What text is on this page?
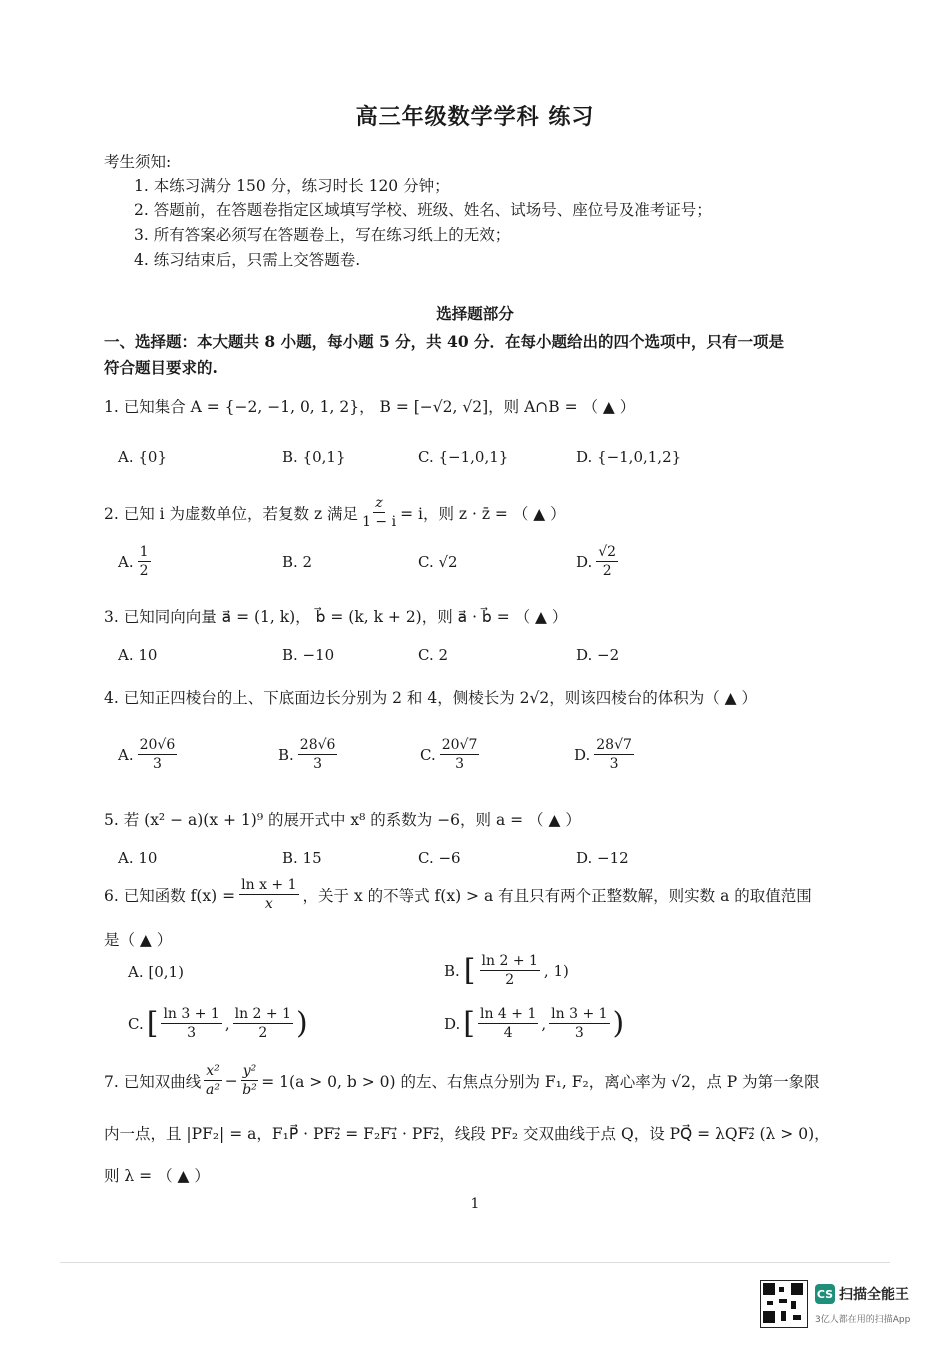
高三年级数学学科 练习
考生须知:
1. 本练习满分 150 分，练习时长 120 分钟；
2. 答题前，在答题卷指定区域填写学校、班级、姓名、试场号、座位号及准考证号；
3. 所有答案必须写在答题卷上，写在练习纸上的无效；
4. 练习结束后，只需上交答题卷.
选择题部分
一、选择题：本大题共 8 小题，每小题 5 分，共 40 分．在每小题给出的四个选项中，只有一项是
符合题目要求的.
1. 已知集合 A = {−2, −1, 0, 1, 2}， B = [−√2, √2]，则 A∩B = （ ▲ ）
A. {0}	B. {0,1}	C. {−1,0,1}	D. {−1,0,1,2}
2. 已知 i 为虚数单位，若复数 z 满足 $\frac{z}{1 - i} = i$，则 z · z̄ = （ ▲ ）
A. $\frac{1}{2}$	B. 2	C. √2	D. $\frac{√2}{2}$
3. 已知同向向量 a⃗ = (1, k)， b⃗ = (k, k + 2)，则 a⃗ · b⃗ = （ ▲ ）
A. 10	B. −10	C. 2	D. −2
4. 已知正四棱台的上、下底面边长分别为 2 和 4，侧棱长为 2√2，则该四棱台的体积为（ ▲ ）
A. $\frac{20√6}{3}$	B. $\frac{28√6}{3}$	C. $\frac{20√7}{3}$	D. $\frac{28√7}{3}$
5. 若 (x² − a)(x + 1)⁹ 的展开式中 x⁸ 的系数为 −6，则 a = （ ▲ ）
A. 10	B. 15	C. −6	D. −12
6. 已知函数 $f(x) = \frac{\text{ln x + 1}}{x}$ ，关于 x 的不等式 f(x) > a 有且只有两个正整数解，则实数 a 的取值范围
是（ ▲ ）
A. [0,1)	B. [ $\frac{\ln 2 + 1}{2}$ , 1)
C. [ $\frac{\ln 3 + 1}{3}$ , $\frac{\ln 2 + 1}{2}$ )	D. [ $\frac{\ln 4 + 1}{4}$ , $\frac{\ln 3 + 1}{3}$ )
7. 已知双曲线 $\frac{\text{x²}}{\text{a²}} - \frac{\text{y²}}{\text{b²}} = 1(a > 0$, b > 0) 的左、右焦点分别为 F₁, F₂，离心率为 √2，点 P 为第一象限
内一点，且 |PF₂| = a，F₁P⃗ · PF₂⃗ = F₂F₁⃗ · PF₂⃗，线段 PF₂ 交双曲线于点 Q，设 PQ⃗ = λQF₂⃗ (λ > 0)，
则 λ = （ ▲ ）
1
CS 扫描全能王
3亿人都在用的扫描App
